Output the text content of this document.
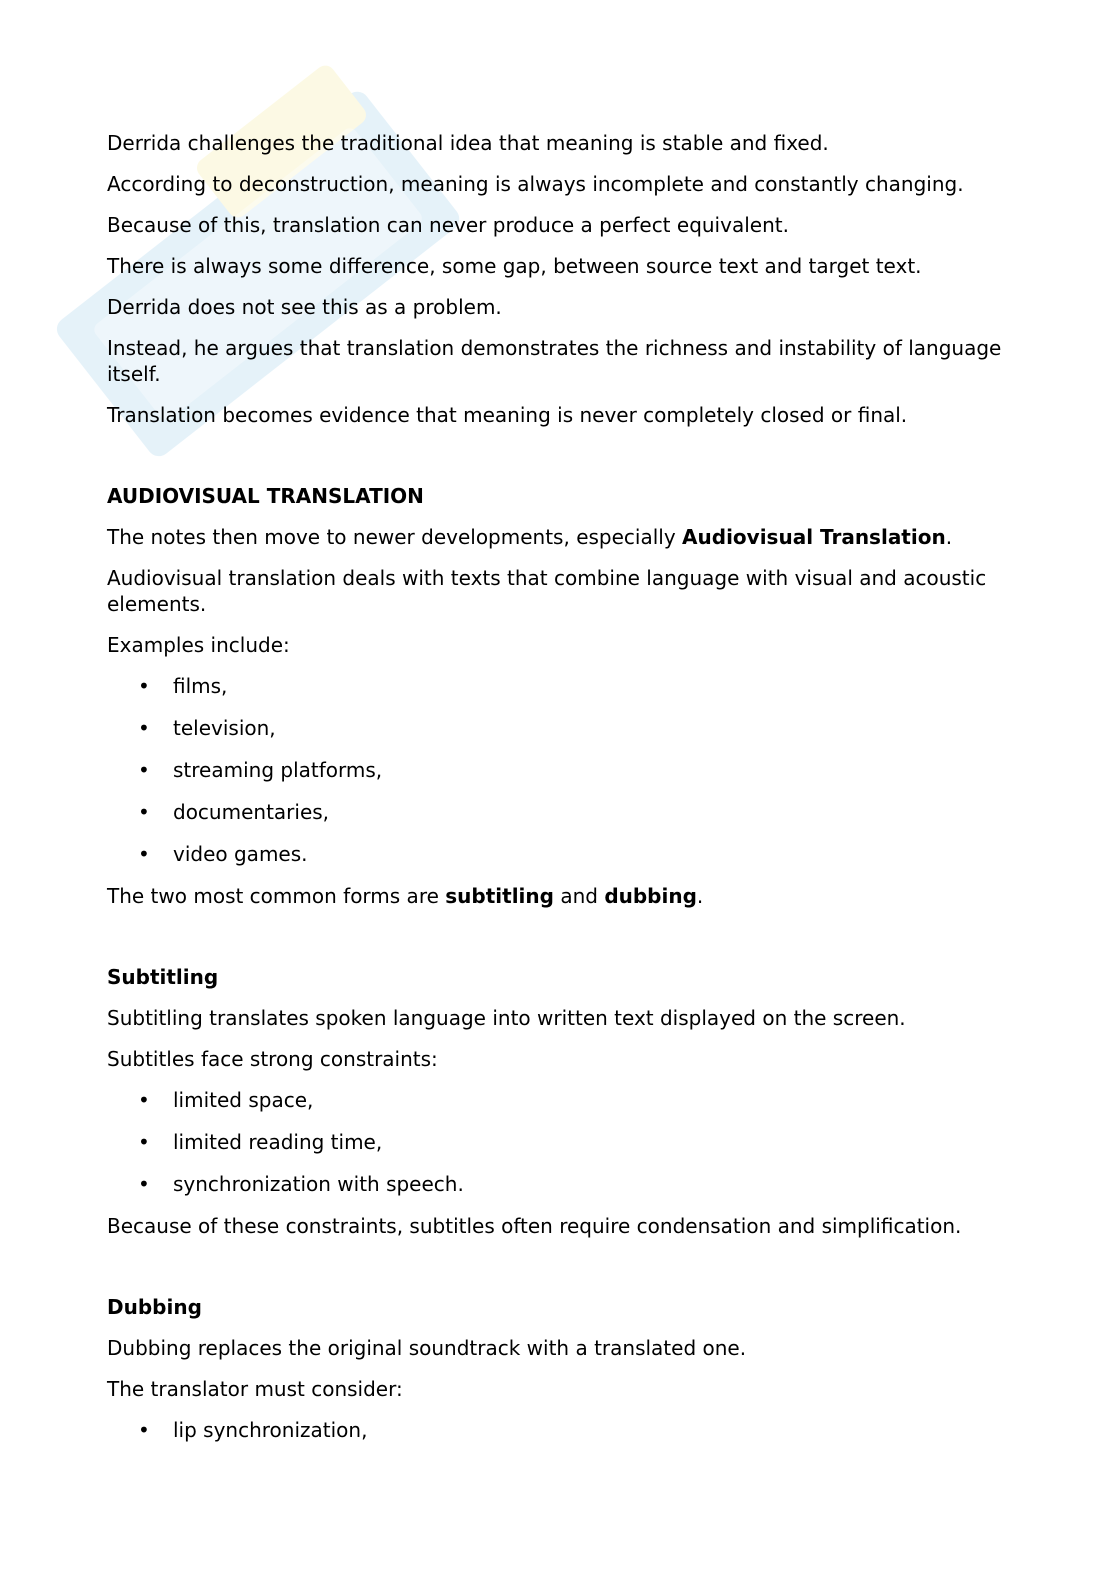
Derrida challenges the traditional idea that meaning is stable and fixed.

According to deconstruction, meaning is always incomplete and constantly changing.

Because of this, translation can never produce a perfect equivalent.

There is always some difference, some gap, between source text and target text.

Derrida does not see this as a problem.

Instead, he argues that translation demonstrates the richness and instability of language itself.

Translation becomes evidence that meaning is never completely closed or final.

AUDIOVISUAL TRANSLATION

The notes then move to newer developments, especially Audiovisual Translation.

Audiovisual translation deals with texts that combine language with visual and acoustic elements.

Examples include:

• films,
• television,
• streaming platforms,
• documentaries,
• video games.

The two most common forms are subtitling and dubbing.

Subtitling

Subtitling translates spoken language into written text displayed on the screen.

Subtitles face strong constraints:

• limited space,
• limited reading time,
• synchronization with speech.

Because of these constraints, subtitles often require condensation and simplification.

Dubbing

Dubbing replaces the original soundtrack with a translated one.

The translator must consider:

• lip synchronization,
